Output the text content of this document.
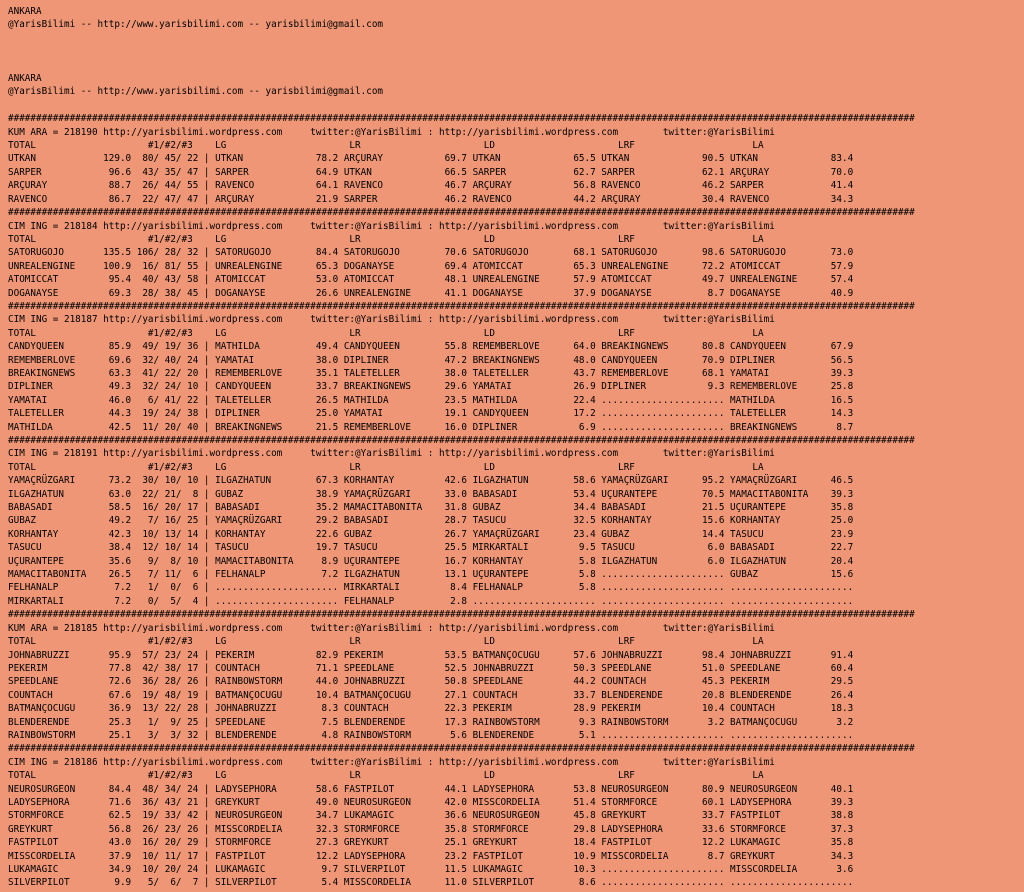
ANKARA
@YarisBilimi -- http://www.yarisbilimi.com -- yarisbilimi@gmail.com
ANKARA
@YarisBilimi -- http://www.yarisbilimi.com -- yarisbilimi@gmail.com
##################################################################################################################################################################
KUM ARA = 218190 http://yarisbilimi.wordpress.com     twitter:@YarisBilimi : http://yarisbilimi.wordpress.com        twitter:@YarisBilimi
TOTAL                    #1/#2/#3    LG                      LR                      LD                      LRF                     LA
UTKAN            129.0  80/ 45/ 22 | UTKAN             78.2 ARÇURAY           69.7 UTKAN             65.5 UTKAN             90.5 UTKAN             83.4
SARPER            96.6  43/ 35/ 47 | SARPER            64.9 UTKAN             66.5 SARPER            62.7 SARPER            62.1 ARÇURAY           70.0
ARÇURAY           88.7  26/ 44/ 55 | RAVENCO           64.1 RAVENCO           46.7 ARÇURAY           56.8 RAVENCO           46.2 SARPER            41.4
RAVENCO           86.7  22/ 47/ 47 | ARÇURAY           21.9 SARPER            46.2 RAVENCO           44.2 ARÇURAY           30.4 RAVENCO           34.3
##################################################################################################################################################################
CIM ING = 218184 http://yarisbilimi.wordpress.com     twitter:@YarisBilimi : http://yarisbilimi.wordpress.com        twitter:@YarisBilimi
TOTAL                    #1/#2/#3    LG                      LR                      LD                      LRF                     LA
SATORUGOJO       135.5 106/ 28/ 32 | SATORUGOJO        84.4 SATORUGOJO        70.6 SATORUGOJO        68.1 SATORUGOJO        98.6 SATORUGOJO        73.0
UNREALENGINE     100.9  16/ 81/ 55 | UNREALENGINE      65.3 DOGANAYSE         69.4 ATOMICCAT         65.3 UNREALENGINE      72.2 ATOMICCAT         57.9
ATOMICCAT         95.4  40/ 43/ 58 | ATOMICCAT         53.0 ATOMICCAT         48.1 UNREALENGINE      57.9 ATOMICCAT         49.7 UNREALENGINE      57.4
DOGANAYSE         69.3  28/ 38/ 45 | DOGANAYSE         26.6 UNREALENGINE      41.1 DOGANAYSE         37.9 DOGANAYSE          8.7 DOGANAYSE         40.9
##################################################################################################################################################################
CIM ING = 218187 http://yarisbilimi.wordpress.com     twitter:@YarisBilimi : http://yarisbilimi.wordpress.com        twitter:@YarisBilimi
TOTAL                    #1/#2/#3    LG                      LR                      LD                      LRF                     LA
CANDYQUEEN        85.9  49/ 19/ 36 | MATHILDA          49.4 CANDYQUEEN        55.8 REMEMBERLOVE      64.0 BREAKINGNEWS      80.8 CANDYQUEEN        67.9
REMEMBERLOVE      69.6  32/ 40/ 24 | YAMATAI           38.0 DIPLINER          47.2 BREAKINGNEWS      48.0 CANDYQUEEN        70.9 DIPLINER          56.5
BREAKINGNEWS      63.3  41/ 22/ 20 | REMEMBERLOVE      35.1 TALETELLER        38.0 TALETELLER        43.7 REMEMBERLOVE      68.1 YAMATAI           39.3
DIPLINER          49.3  32/ 24/ 10 | CANDYQUEEN        33.7 BREAKINGNEWS      29.6 YAMATAI           26.9 DIPLINER           9.3 REMEMBERLOVE      25.8
YAMATAI           46.0   6/ 41/ 22 | TALETELLER        26.5 MATHILDA          23.5 MATHILDA          22.4 ...................... MATHILDA          16.5
TALETELLER        44.3  19/ 24/ 38 | DIPLINER          25.0 YAMATAI           19.1 CANDYQUEEN        17.2 ...................... TALETELLER        14.3
MATHILDA          42.5  11/ 20/ 40 | BREAKINGNEWS      21.5 REMEMBERLOVE      16.0 DIPLINER           6.9 ...................... BREAKINGNEWS       8.7
##################################################################################################################################################################
CIM ING = 218191 http://yarisbilimi.wordpress.com     twitter:@YarisBilimi : http://yarisbilimi.wordpress.com        twitter:@YarisBilimi
TOTAL                    #1/#2/#3    LG                      LR                      LD                      LRF                     LA
YAMAÇRÜZGARI      73.2  30/ 10/ 10 | ILGAZHATUN        67.3 KORHANTAY         42.6 ILGAZHATUN        58.6 YAMAÇRÜZGARI      95.2 YAMAÇRÜZGARI      46.5
ILGAZHATUN        63.0  22/ 21/  8 | GUBAZ             38.9 YAMAÇRÜZGARI      33.0 BABASADI          53.4 UÇURANTEPE        70.5 MAMACITABONITA    39.3
BABASADI          58.5  16/ 20/ 17 | BABASADI          35.2 MAMACITABONITA    31.8 GUBAZ             34.4 BABASADI          21.5 UÇURANTEPE        35.8
GUBAZ             49.2   7/ 16/ 25 | YAMAÇRÜZGARI      29.2 BABASADI          28.7 TASUCU            32.5 KORHANTAY         15.6 KORHANTAY         25.0
KORHANTAY         42.3  10/ 13/ 14 | KORHANTAY         22.6 GUBAZ             26.7 YAMAÇRÜZGARI      23.4 GUBAZ             14.4 TASUCU            23.9
TASUCU            38.4  12/ 10/ 14 | TASUCU            19.7 TASUCU            25.5 MIRKARTALI         9.5 TASUCU             6.0 BABASADI          22.7
UÇURANTEPE        35.6   9/  8/ 10 | MAMACITABONITA     8.9 UÇURANTEPE        16.7 KORHANTAY          5.8 ILGAZHATUN         6.0 ILGAZHATUN        20.4
MAMACITABONITA    26.5   7/ 11/  6 | FELHANALP          7.2 ILGAZHATUN        13.1 UÇURANTEPE         5.8 ...................... GUBAZ             15.6
FELHANALP          7.2   1/  0/  6 | ...................... MIRKARTALI         8.4 FELHANALP          5.8 ...................... ......................
MIRKARTALI         7.2   0/  5/  4 | ...................... FELHANALP          2.8 ...................... ...................... ......................
##################################################################################################################################################################
KUM ARA = 218185 http://yarisbilimi.wordpress.com     twitter:@YarisBilimi : http://yarisbilimi.wordpress.com        twitter:@YarisBilimi
TOTAL                    #1/#2/#3    LG                      LR                      LD                      LRF                     LA
JOHNABRUZZI       95.9  57/ 23/ 24 | PEKERIM           82.9 PEKERIM           53.5 BATMANÇOCUGU      57.6 JOHNABRUZZI       98.4 JOHNABRUZZI       91.4
PEKERIM           77.8  42/ 38/ 17 | COUNTACH          71.1 SPEEDLANE         52.5 JOHNABRUZZI       50.3 SPEEDLANE         51.0 SPEEDLANE         60.4
SPEEDLANE         72.6  36/ 28/ 26 | RAINBOWSTORM      44.0 JOHNABRUZZI       50.8 SPEEDLANE         44.2 COUNTACH          45.3 PEKERIM           29.5
COUNTACH          67.6  19/ 48/ 19 | BATMANÇOCUGU      10.4 BATMANÇOCUGU      27.1 COUNTACH          33.7 BLENDERENDE       20.8 BLENDERENDE       26.4
BATMANÇOCUGU      36.9  13/ 22/ 28 | JOHNABRUZZI        8.3 COUNTACH          22.3 PEKERIM           28.9 PEKERIM           10.4 COUNTACH          18.3
BLENDERENDE       25.3   1/  9/ 25 | SPEEDLANE          7.5 BLENDERENDE       17.3 RAINBOWSTORM       9.3 RAINBOWSTORM       3.2 BATMANÇOCUGU       3.2
RAINBOWSTORM      25.1   3/  3/ 32 | BLENDERENDE        4.8 RAINBOWSTORM       5.6 BLENDERENDE        5.1 ...................... ......................
##################################################################################################################################################################
CIM ING = 218186 http://yarisbilimi.wordpress.com     twitter:@YarisBilimi : http://yarisbilimi.wordpress.com        twitter:@YarisBilimi
TOTAL                    #1/#2/#3    LG                      LR                      LD                      LRF                     LA
NEUROSURGEON      84.4  48/ 34/ 24 | LADYSEPHORA       58.6 FASTPILOT         44.1 LADYSEPHORA       53.8 NEUROSURGEON      80.9 NEUROSURGEON      40.1
LADYSEPHORA       71.6  36/ 43/ 21 | GREYKURT          49.0 NEUROSURGEON      42.0 MISSCORDELIA      51.4 STORMFORCE        60.1 LADYSEPHORA       39.3
STORMFORCE        62.5  19/ 33/ 42 | NEUROSURGEON      34.7 LUKAMAGIC         36.6 NEUROSURGEON      45.8 GREYKURT          33.7 FASTPILOT         38.8
GREYKURT          56.8  26/ 23/ 26 | MISSCORDELIA      32.3 STORMFORCE        35.8 STORMFORCE        29.8 LADYSEPHORA       33.6 STORMFORCE        37.3
FASTPILOT         43.0  16/ 20/ 29 | STORMFORCE        27.3 GREYKURT          25.1 GREYKURT          18.4 FASTPILOT         12.2 LUKAMAGIC         35.8
MISSCORDELIA      37.9  10/ 11/ 17 | FASTPILOT         12.2 LADYSEPHORA       23.2 FASTPILOT         10.9 MISSCORDELIA       8.7 GREYKURT          34.3
LUKAMAGIC         34.9  10/ 20/ 24 | LUKAMAGIC          9.7 SILVERPILOT       11.5 LUKAMAGIC         10.3 ...................... MISSCORDELIA       3.6
SILVERPILOT        9.9   5/  6/  7 | SILVERPILOT        5.4 MISSCORDELIA      11.0 SILVERPILOT        8.6 ...................... ......................
